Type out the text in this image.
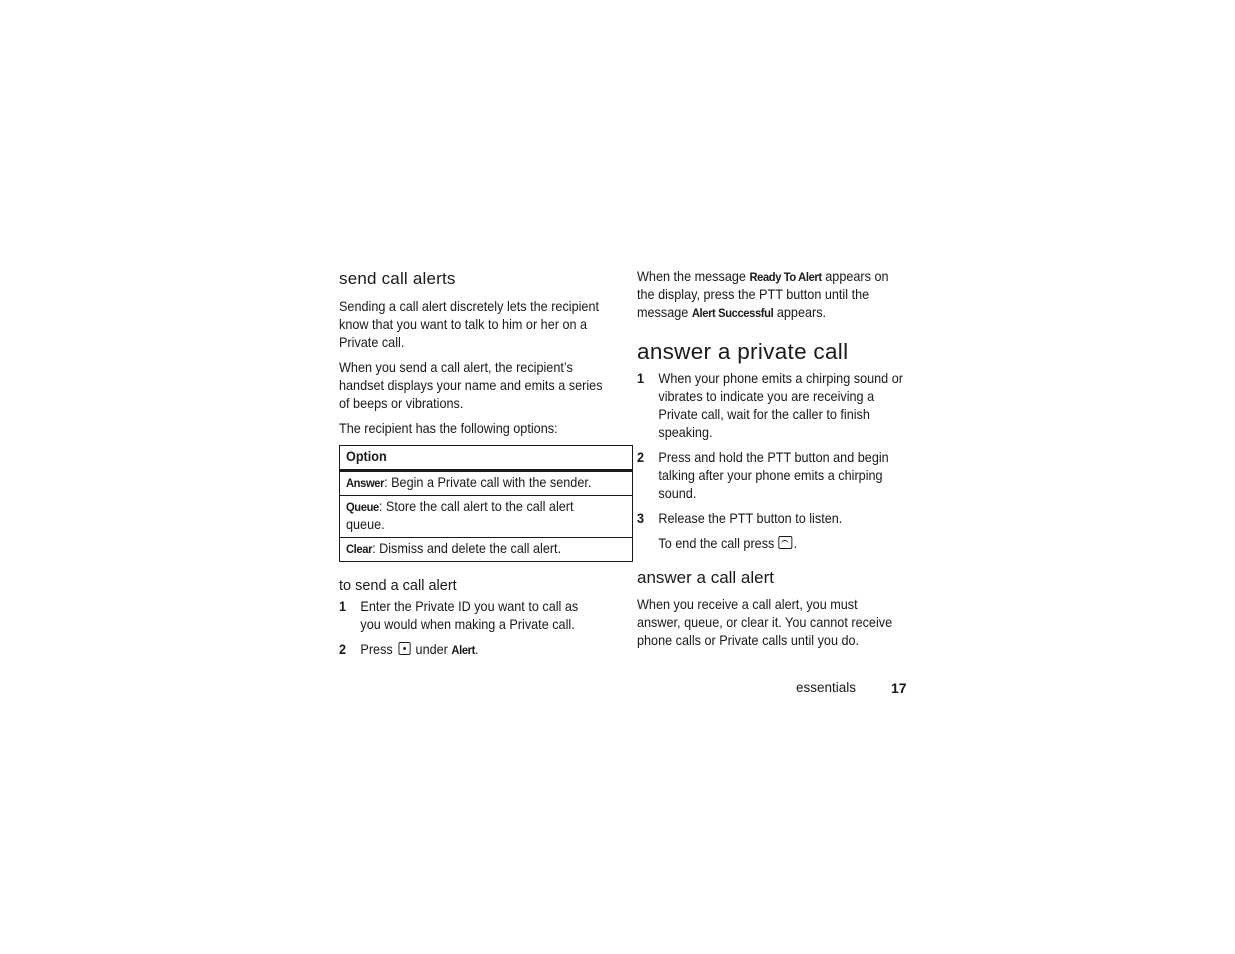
send call alerts

Sending a call alert discretely lets the recipient know that you want to talk to him or her on a Private call.

When you send a call alert, the recipient’s handset displays your name and emits a series of beeps or vibrations.

The recipient has the following options:

Option

Answer: Begin a Private call with the sender.

Queue: Store the call alert to the call alert queue.

Clear: Dismiss and delete the call alert.
to send a call alert
1 Enter the Private ID you want to call as you would when making a Private call.
2 Press under Alert.

When the message Ready To Alert appears on the display, press the PTT button until the message Alert Successful appears.

answer a private call
1 When your phone emits a chirping sound or vibrates to indicate you are receiving a Private call, wait for the caller to finish speaking.
2 Press and hold the PTT button and begin talking after your phone emits a chirping sound.
3 Release the PTT button to listen.
To end the call press .
answer a call alert

When you receive a call alert, you must answer, queue, or clear it. You cannot receive phone calls or Private calls until you do.

essentials 17
